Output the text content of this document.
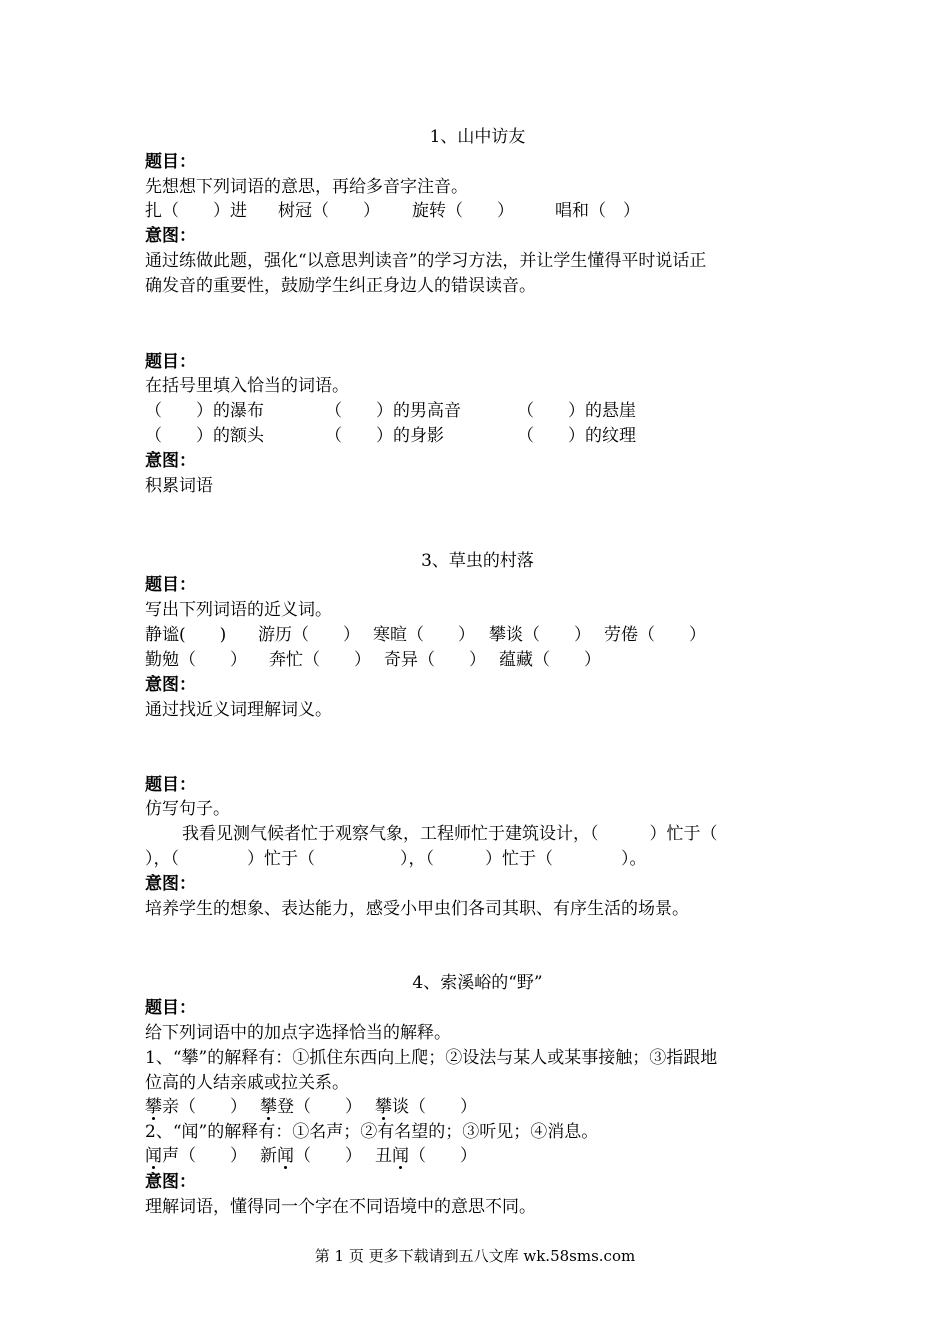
1、山中访友
题目：
先想想下列词语的意思，再给多音字注音。
扎（　　）进 树冠（　　） 旋转（　　） 唱和（　）
意图：
通过练做此题，强化“以意思判读音”的学习方法，并让学生懂得平时说话正
确发音的重要性，鼓励学生纠正身边人的错误读音。
题目：
在括号里填入恰当的词语。
（　　）的瀑布	（　　）的男高音	（　　）的悬崖
（　　）的额头	（　　）的身影	（　　）的纹理
意图：
积累词语
3、草虫的村落
题目：
写出下列词语的近义词。
静谧(　　) 游历（　　） 寒暄（　　） 攀谈（　　） 劳倦（　　）
勤勉（　　） 奔忙（　　） 奇异（　　） 蕴藏（　　）
意图：
通过找近义词理解词义。
题目：
仿写句子。
我看见测气候者忙于观察气象，工程师忙于建筑设计，（　　　）忙于（
），（　　　　）忙于（　　　　　），（　　　）忙于（　　　　）。
意图：
培养学生的想象、表达能力，感受小甲虫们各司其职、有序生活的场景。
4、索溪峪的“野”
题目：
给下列词语中的加点字选择恰当的解释。
1、“攀”的解释有：①抓住东西向上爬；②设法与某人或某事接触；③指跟地
位高的人结亲戚或拉关系。
攀亲（　　） 攀登（　　） 攀谈（　　）
2、“闻”的解释有：①名声；②有名望的；③听见；④消息。
闻声（　　） 新闻（　　） 丑闻（　　）
意图：
理解词语，懂得同一个字在不同语境中的意思不同。
第 1 页 更多下载请到五八文库 wk.58sms.com
